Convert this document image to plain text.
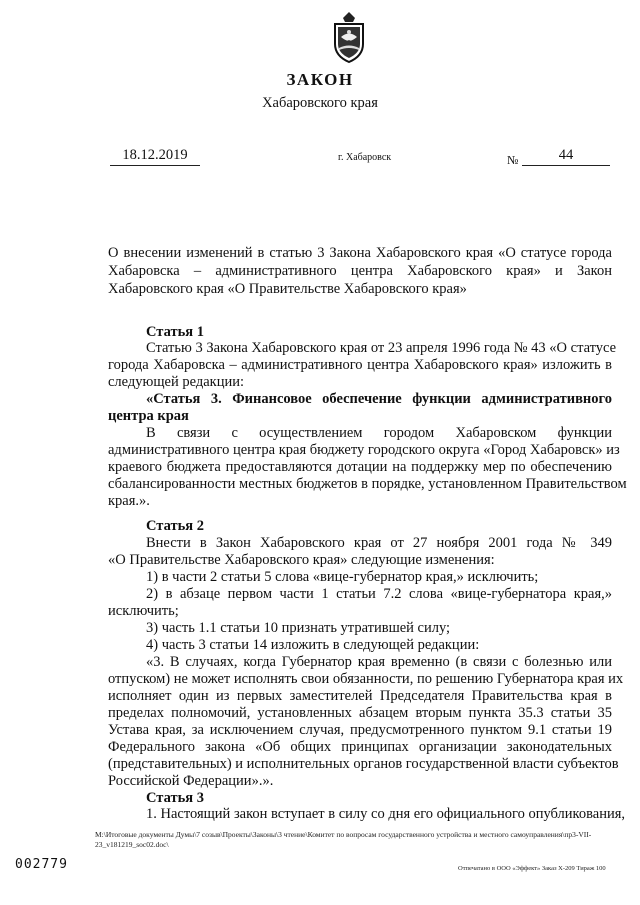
ЗАКОН
Хабаровского края
18.12.2019	г. Хабаровск	№	44
О внесении изменений в статью 3 Закона Хабаровского края «О статусе города
Хабаровска – административного центра Хабаровского края» и Закон
Хабаровского края «О Правительстве Хабаровского края»
Статья 1
Статью 3 Закона Хабаровского края от 23 апреля 1996 года № 43 «О статусе
города Хабаровска – административного центра Хабаровского края» изложить в
следующей редакции:
«Статья 3. Финансовое обеспечение функции административного
центра края
В связи с осуществлением городом Хабаровском функции
административного центра края бюджету городского округа «Город Хабаровск» из
краевого бюджета предоставляются дотации на поддержку мер по обеспечению
сбалансированности местных бюджетов в порядке, установленном Правительством
края.».
Статья 2
Внести в Закон Хабаровского края от 27 ноября 2001 года № 349
«О Правительстве Хабаровского края» следующие изменения:
1) в части 2 статьи 5 слова «вице-губернатор края,» исключить;
2) в абзаце первом части 1 статьи 7.2 слова «вице-губернатора края,»
исключить;
3) часть 1.1 статьи 10 признать утратившей силу;
4) часть 3 статьи 14 изложить в следующей редакции:
«3. В случаях, когда Губернатор края временно (в связи с болезнью или
отпуском) не может исполнять свои обязанности, по решению Губернатора края их
исполняет один из первых заместителей Председателя Правительства края в
пределах полномочий, установленных абзацем вторым пункта 35.3 статьи 35
Устава края, за исключением случая, предусмотренного пунктом 9.1 статьи 19
Федерального закона «Об общих принципах организации законодательных
(представительных) и исполнительных органов государственной власти субъектов
Российской Федерации».».
Статья 3
1. Настоящий закон вступает в силу со дня его официального опубликования,
M:\Итоговые документы Думы\7 созыв\Проекты\Законы\3 чтение\Комитет по вопросам государственного устройства и местного самоуправления\пр3-VII-23_v181219_soc02.doc\
002779	Отпечатано в ООО «Эффект» Заказ Х-209 Тираж 100
